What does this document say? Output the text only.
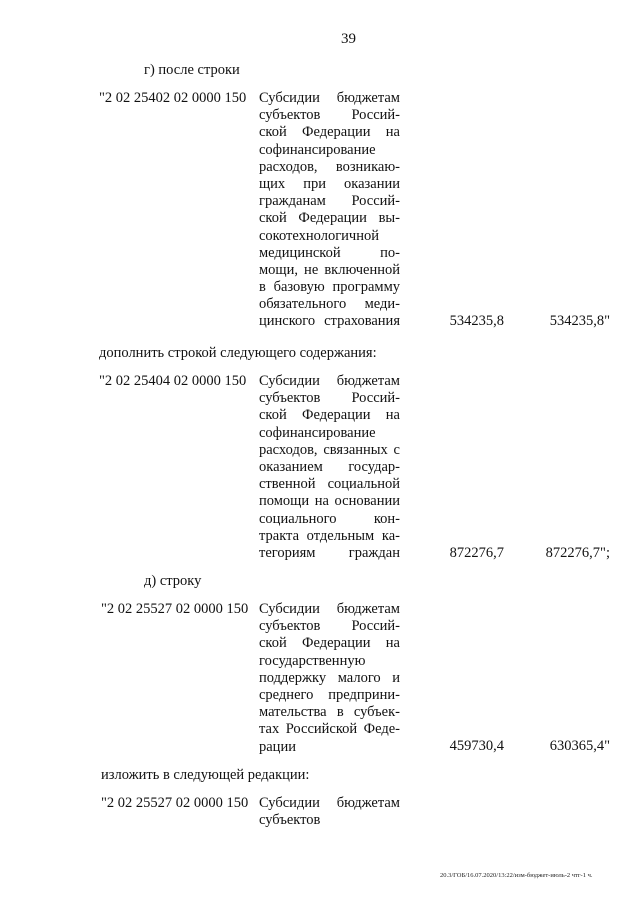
39
г) после строки
"2 02 25402 02 0000 150 Субсидии бюджетам
субъектов Россий-
ской Федерации на
софинансирование
расходов, возникаю-
щих при оказании
гражданам Россий-
ской Федерации вы-
сокотехнологичной
медицинской по-
мощи, не включенной
в базовую программу
обязательного меди-
цинского страхования	534235,8	534235,8"
дополнить строкой следующего содержания:
"2 02 25404 02 0000 150 Субсидии бюджетам
субъектов Россий-
ской Федерации на
софинансирование
расходов, связанных с
оказанием государ-
ственной социальной
помощи на основании
социального кон-
тракта отдельным ка-
тегориям граждан	872276,7	872276,7";
д) строку
"2 02 25527 02 0000 150 Субсидии бюджетам
субъектов Россий-
ской Федерации на
государственную
поддержку малого и
среднего предприни-
мательства в субъек-
тах Российской Феде-
рации	459730,4	630365,4"
изложить в следующей редакции:
"2 02 25527 02 0000 150 Субсидии бюджетам
субъектов
20.3/ГОБ/16.07.2020/13:22/изм-бюджет-июль-2 чтг-1 ч.
